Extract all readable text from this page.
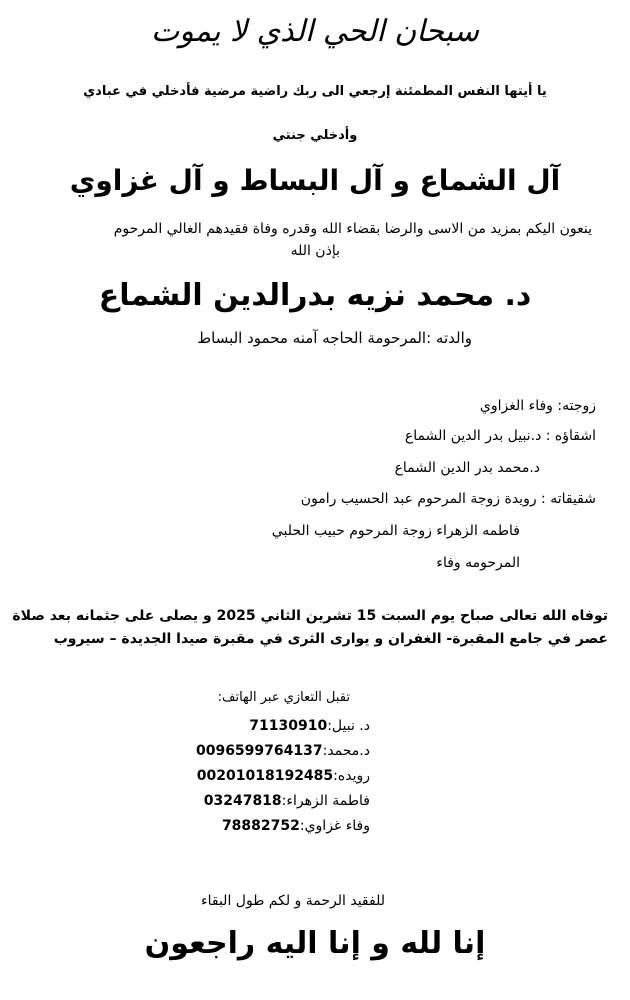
سبحان الحي الذي لا يموت
يا أيتها النفس المطمئنة إرجعي الى ربك راضية مرضية فأدخلي في عبادي
وأدخلي جنتي
آل الشماع و آل البساط و آل غزاوي
ينعون اليكم بمزيد من الاسى والرضا بقضاء الله وقدره وفاة فقيدهم الغالي المرحوم
بإذن الله
د. محمد نزيه بدرالدين الشماع
والدته :المرحومة الحاجه آمنه محمود البساط
زوجته: وفاء الغزاوي
اشقاؤه : د.نبيل بدر الدين الشماع
د.محمد بدر الدين الشماع
شقيقاته : رويدة زوجة المرحوم عبد الحسيب رامون
فاطمه الزهراء زوجة المرحوم حبيب الحلبي
المرحومه وفاء
توفاه الله تعالى صباح يوم السبت 15 تشرين الثاني 2025 و يصلى على جثمانه بعد صلاة
عصر في جامع المقبرة- الغفران و يوارى الثرى في مقبرة صيدا الجديدة – سيروب
تقبل التعازي عبر الهاتف:
د. نبيل:71130910
د.محمد:0096599764137
رويده:00201018192485
فاطمة الزهراء:03247818
وفاء غزاوي:78882752
للفقيد الرحمة و لكم طول البقاء
إنا لله و إنا اليه راجعون
